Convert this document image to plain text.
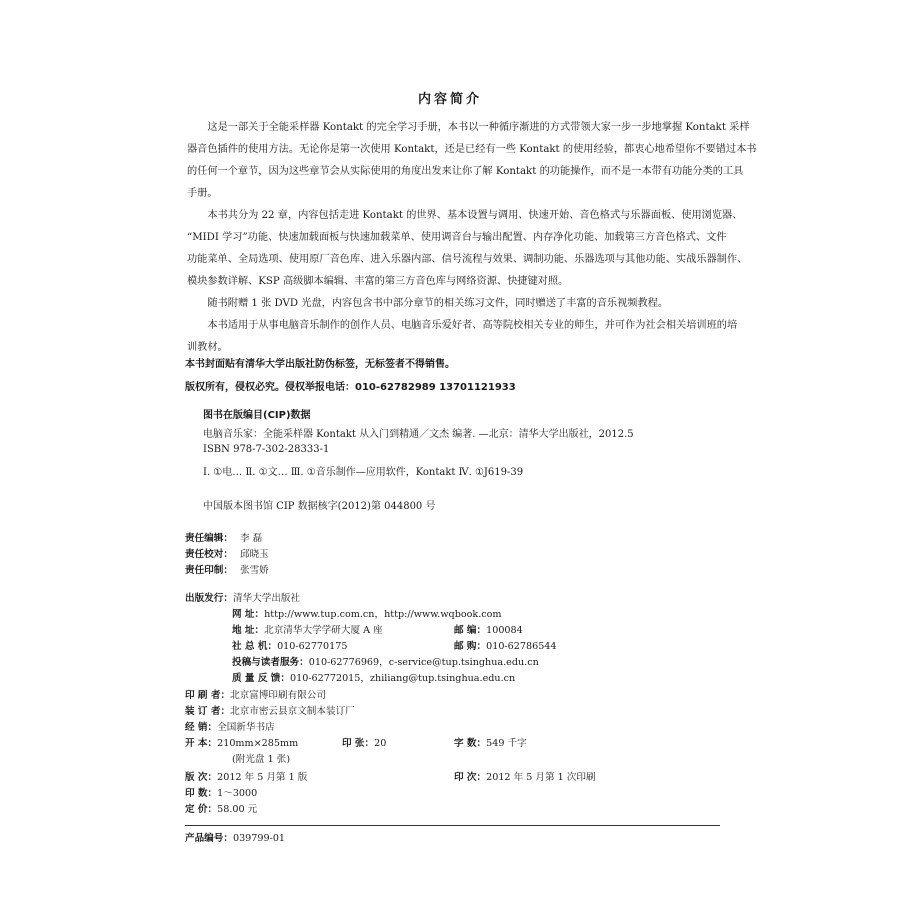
内容简介
这是一部关于全能采样器 Kontakt 的完全学习手册，本书以一种循序渐进的方式带领大家一步一步地掌握 Kontakt 采样
器音色插件的使用方法。无论你是第一次使用 Kontakt，还是已经有一些 Kontakt 的使用经验，都衷心地希望你不要错过本书
的任何一个章节，因为这些章节会从实际使用的角度出发来让你了解 Kontakt 的功能操作，而不是一本带有功能分类的工具
手册。
本书共分为 22 章，内容包括走进 Kontakt 的世界、基本设置与调用、快速开始、音色格式与乐器面板、使用浏览器、
“MIDI 学习”功能、快速加载面板与快速加载菜单、使用调音台与输出配置、内存净化功能、加载第三方音色格式、文件
功能菜单、全局选项、使用原厂音色库、进入乐器内部、信号流程与效果、调制功能、乐器选项与其他功能、实战乐器制作、
模块参数详解、KSP 高级脚本编辑、丰富的第三方音色库与网络资源、快捷键对照。
随书附赠 1 张 DVD 光盘，内容包含书中部分章节的相关练习文件，同时赠送了丰富的音乐视频教程。
本书适用于从事电脑音乐制作的创作人员、电脑音乐爱好者、高等院校相关专业的师生，并可作为社会相关培训班的培
训教材。
本书封面贴有清华大学出版社防伪标签，无标签者不得销售。
版权所有，侵权必究。侵权举报电话：010-62782989 13701121933
图书在版编目(CIP)数据
电脑音乐家：全能采样器 Kontakt 从入门到精通／文杰 编著. —北京：清华大学出版社，2012.5
ISBN 978-7-302-28333-1
Ⅰ. ①电… Ⅱ. ①文… Ⅲ. ①音乐制作—应用软件，Kontakt Ⅳ. ①J619-39
中国版本图书馆 CIP 数据核字(2012)第 044800 号
责任编辑： 李 磊
责任校对： 邱晓玉
责任印制： 张雪娇
出版发行：清华大学出版社
网 址：http://www.tup.com.cn，http://www.wqbook.com
地 址：北京清华大学学研大厦 A 座	邮 编：100084
社 总 机：010-62770175	邮 购：010-62786544
投稿与读者服务：010-62776969，c-service@tup.tsinghua.edu.cn
质 量 反 馈：010-62772015，zhiliang@tup.tsinghua.edu.cn
印 刷 者：北京富博印刷有限公司
装 订 者：北京市密云县京文制本装订厂
经 销：全国新华书店
开 本：210mm×285mm	印 张：20	字 数：549 千字
(附光盘 1 张)
版 次：2012 年 5 月第 1 版	印 次：2012 年 5 月第 1 次印刷
印 数：1～3000
定 价：58.00 元
产品编号：039799-01
